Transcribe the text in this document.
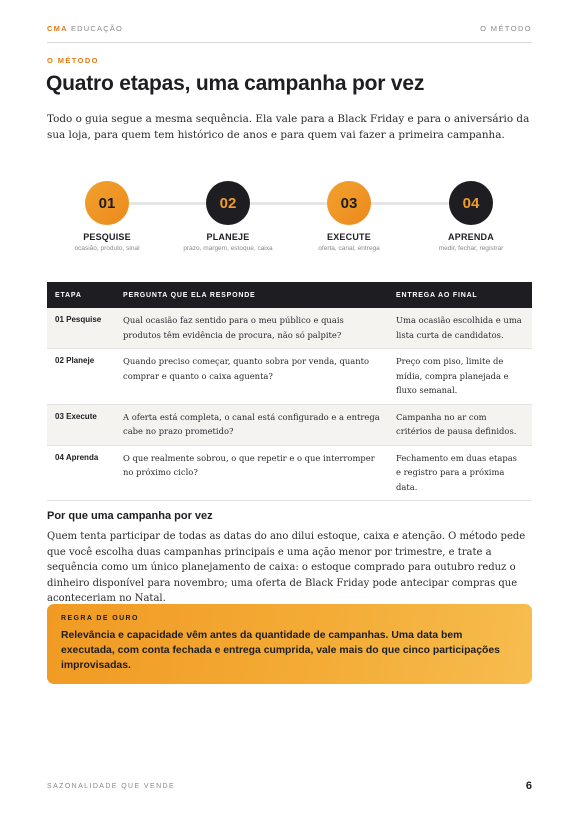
CMA EDUCAÇÃO	O MÉTODO
O MÉTODO
Quatro etapas, uma campanha por vez

Todo o guia segue a mesma sequência. Ela vale para a Black Friday e para o aniversário da sua loja, para quem tem histórico de anos e para quem vai fazer a primeira campanha.

01
PESQUISE
ocasião, produto, sinal
02
PLANEJE
prazo, margem, estoque, caixa
03
EXECUTE
oferta, canal, entrega
04
APRENDA
medir, fechar, registrar
ETAPA	PERGUNTA QUE ELA RESPONDE	ENTREGA AO FINAL
01 Pesquise	Qual ocasião faz sentido para o meu público e quais produtos têm evidência de procura, não só palpite?	Uma ocasião escolhida e uma lista curta de candidatos.
02 Planeje	Quando preciso começar, quanto sobra por venda, quanto comprar e quanto o caixa aguenta?	Preço com piso, limite de mídia, compra planejada e fluxo semanal.
03 Execute	A oferta está completa, o canal está configurado e a entrega cabe no prazo prometido?	Campanha no ar com critérios de pausa definidos.
04 Aprenda	O que realmente sobrou, o que repetir e o que interromper no próximo ciclo?	Fechamento em duas etapas e registro para a próxima data.
Por que uma campanha por vez

Quem tenta participar de todas as datas do ano dilui estoque, caixa e atenção. O método pede que você escolha duas campanhas principais e uma ação menor por trimestre, e trate a sequência como um único planejamento de caixa: o estoque comprado para outubro reduz o dinheiro disponível para novembro; uma oferta de Black Friday pode antecipar compras que aconteceriam no Natal.

REGRA DE OURO

Relevância e capacidade vêm antes da quantidade de campanhas. Uma data bem executada, com conta fechada e entrega cumprida, vale mais do que cinco participações improvisadas.

SAZONALIDADE QUE VENDE	6
